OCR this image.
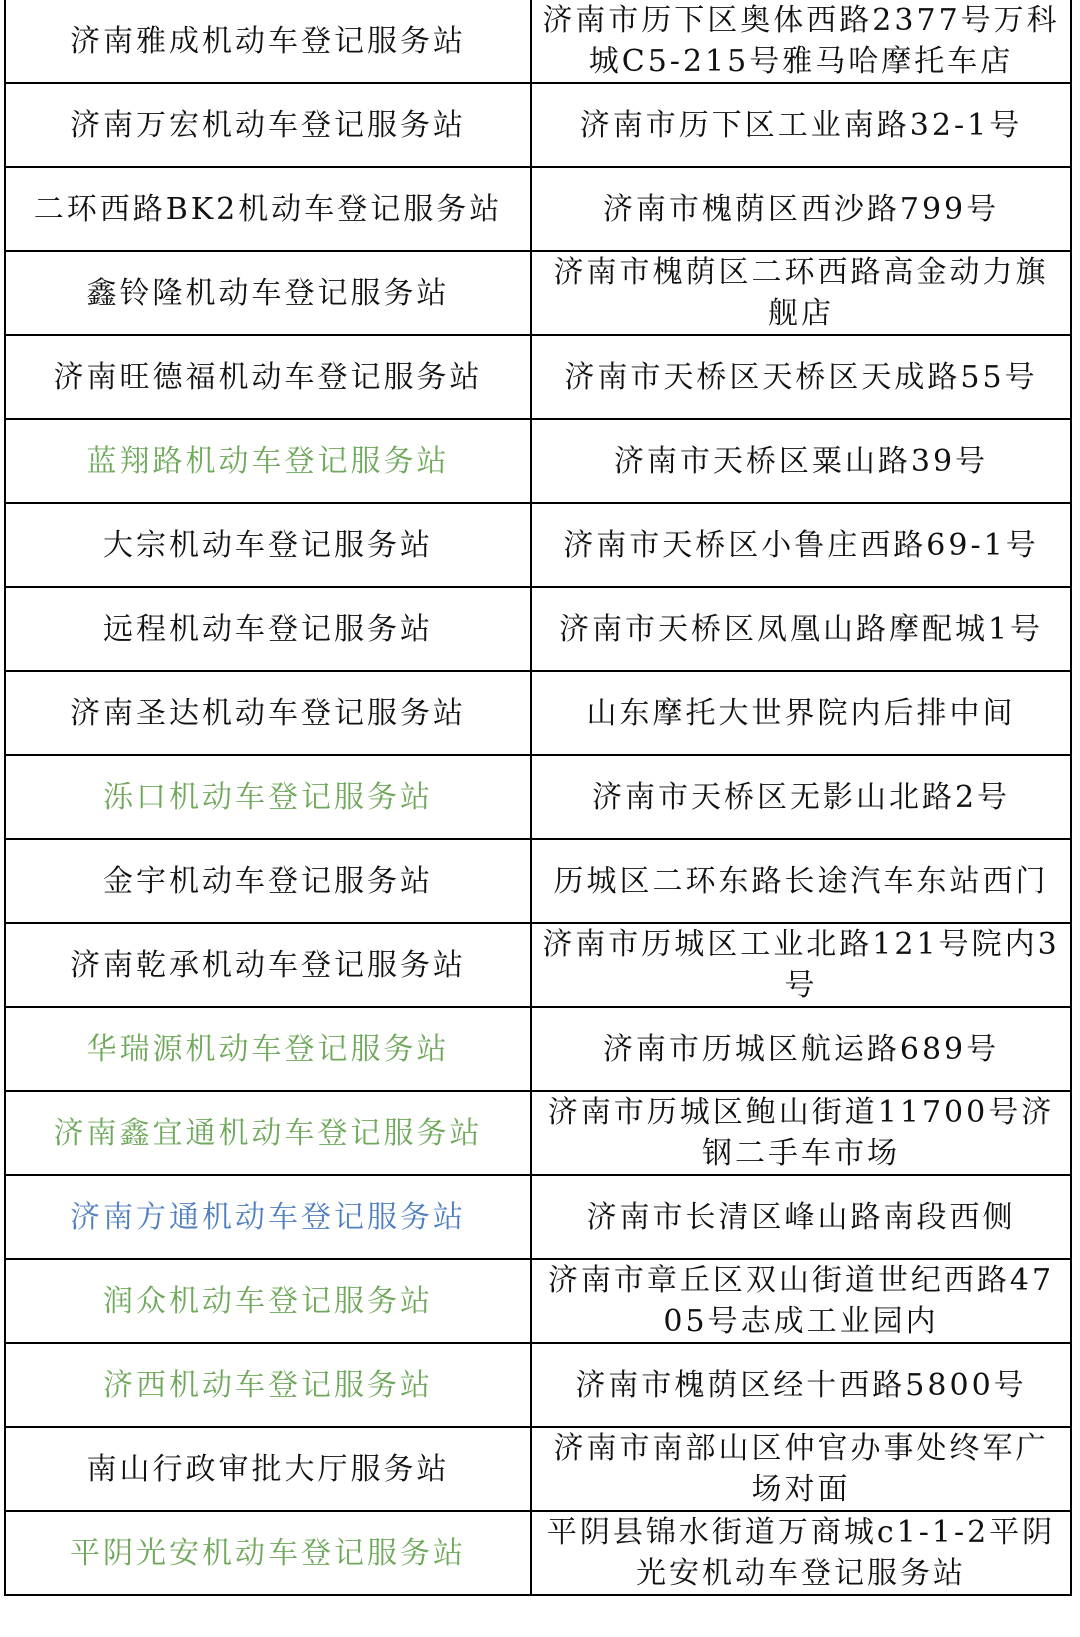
济南雅成机动车登记服务站	济南市历下区奥体西路2377号万科城C5-215号雅马哈摩托车店
济南万宏机动车登记服务站	济南市历下区工业南路32-1号
二环西路BK2机动车登记服务站	济南市槐荫区西沙路799号
鑫铃隆机动车登记服务站	济南市槐荫区二环西路高金动力旗舰店
济南旺德福机动车登记服务站	济南市天桥区天桥区天成路55号
蓝翔路机动车登记服务站	济南市天桥区粟山路39号
大宗机动车登记服务站	济南市天桥区小鲁庄西路69-1号
远程机动车登记服务站	济南市天桥区凤凰山路摩配城1号
济南圣达机动车登记服务站	山东摩托大世界院内后排中间
泺口机动车登记服务站	济南市天桥区无影山北路2号
金宇机动车登记服务站	历城区二环东路长途汽车东站西门
济南乾承机动车登记服务站	济南市历城区工业北路121号院内3号
华瑞源机动车登记服务站	济南市历城区航运路689号
济南鑫宜通机动车登记服务站	济南市历城区鲍山街道11700号济钢二手车市场
济南方通机动车登记服务站	济南市长清区峰山路南段西侧
润众机动车登记服务站	济南市章丘区双山街道世纪西路4705号志成工业园内
济西机动车登记服务站	济南市槐荫区经十西路5800号
南山行政审批大厅服务站	济南市南部山区仲官办事处终军广场对面
平阴光安机动车登记服务站	平阴县锦水街道万商城c1-1-2平阴光安机动车登记服务站
